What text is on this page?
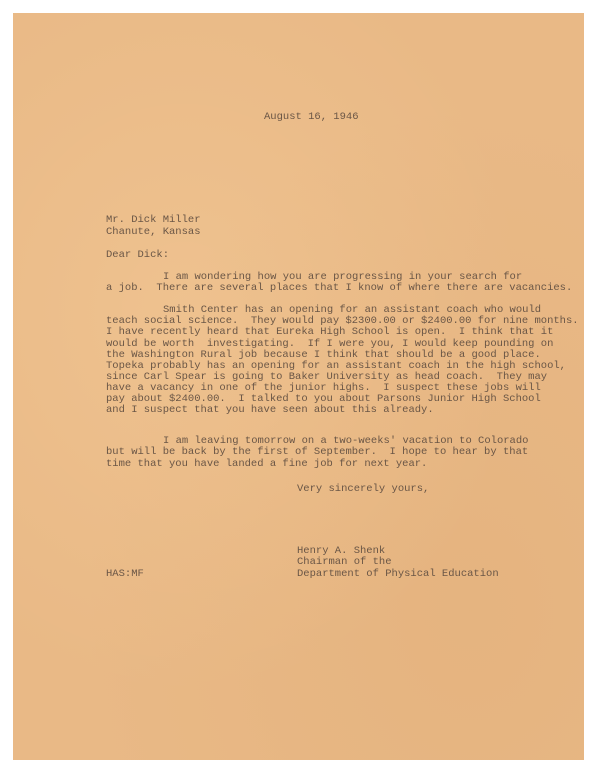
August 16, 1946
Mr. Dick Miller
Chanute, Kansas
Dear Dick:
I am wondering how you are progressing in your search for
a job.  There are several places that I know of where there are vacancies.
Smith Center has an opening for an assistant coach who would
teach social science.  They would pay $2300.00 or $2400.00 for nine months.
I have recently heard that Eureka High School is open.  I think that it
would be worth  investigating.  If I were you, I would keep pounding on
the Washington Rural job because I think that should be a good place.
Topeka probably has an opening for an assistant coach in the high school,
since Carl Spear is going to Baker University as head coach.  They may
have a vacancy in one of the junior highs.  I suspect these jobs will
pay about $2400.00.  I talked to you about Parsons Junior High School
and I suspect that you have seen about this already.
I am leaving tomorrow on a two-weeks' vacation to Colorado
but will be back by the first of September.  I hope to hear by that
time that you have landed a fine job for next year.
Very sincerely yours,
Henry A. Shenk
Chairman of the
Department of Physical Education
HAS:MF
